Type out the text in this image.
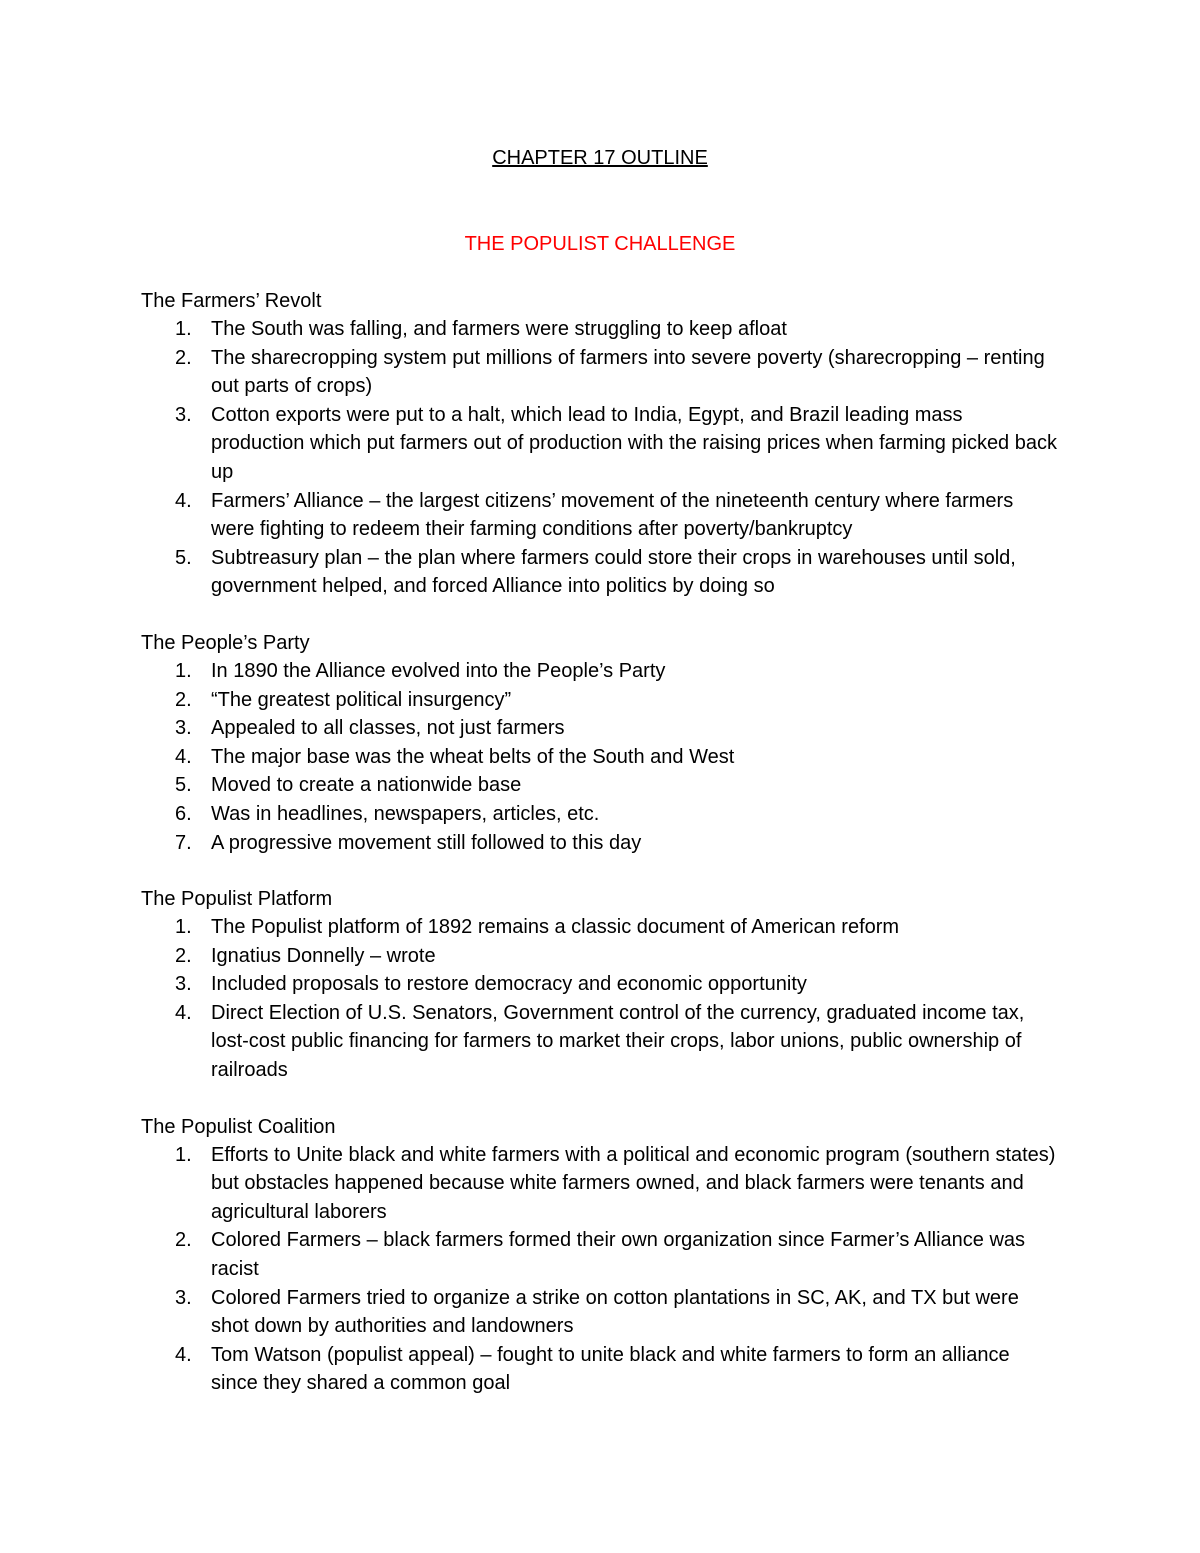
CHAPTER 17 OUTLINE
THE POPULIST CHALLENGE
The Farmers’ Revolt
1. The South was falling, and farmers were struggling to keep afloat
2. The sharecropping system put millions of farmers into severe poverty (sharecropping – renting out parts of crops)
3. Cotton exports were put to a halt, which lead to India, Egypt, and Brazil leading mass production which put farmers out of production with the raising prices when farming picked back up
4. Farmers’ Alliance – the largest citizens’ movement of the nineteenth century where farmers were fighting to redeem their farming conditions after poverty/bankruptcy
5. Subtreasury plan – the plan where farmers could store their crops in warehouses until sold, government helped, and forced Alliance into politics by doing so
The People’s Party
1. In 1890 the Alliance evolved into the People’s Party
2. “The greatest political insurgency”
3. Appealed to all classes, not just farmers
4. The major base was the wheat belts of the South and West
5. Moved to create a nationwide base
6. Was in headlines, newspapers, articles, etc.
7. A progressive movement still followed to this day
The Populist Platform
1. The Populist platform of 1892 remains a classic document of American reform
2. Ignatius Donnelly – wrote
3. Included proposals to restore democracy and economic opportunity
4. Direct Election of U.S. Senators, Government control of the currency, graduated income tax, lost-cost public financing for farmers to market their crops, labor unions, public ownership of railroads
The Populist Coalition
1. Efforts to Unite black and white farmers with a political and economic program (southern states) but obstacles happened because white farmers owned, and black farmers were tenants and agricultural laborers
2. Colored Farmers – black farmers formed their own organization since Farmer’s Alliance was racist
3. Colored Farmers tried to organize a strike on cotton plantations in SC, AK, and TX but were shot down by authorities and landowners
4. Tom Watson (populist appeal) – fought to unite black and white farmers to form an alliance since they shared a common goal
